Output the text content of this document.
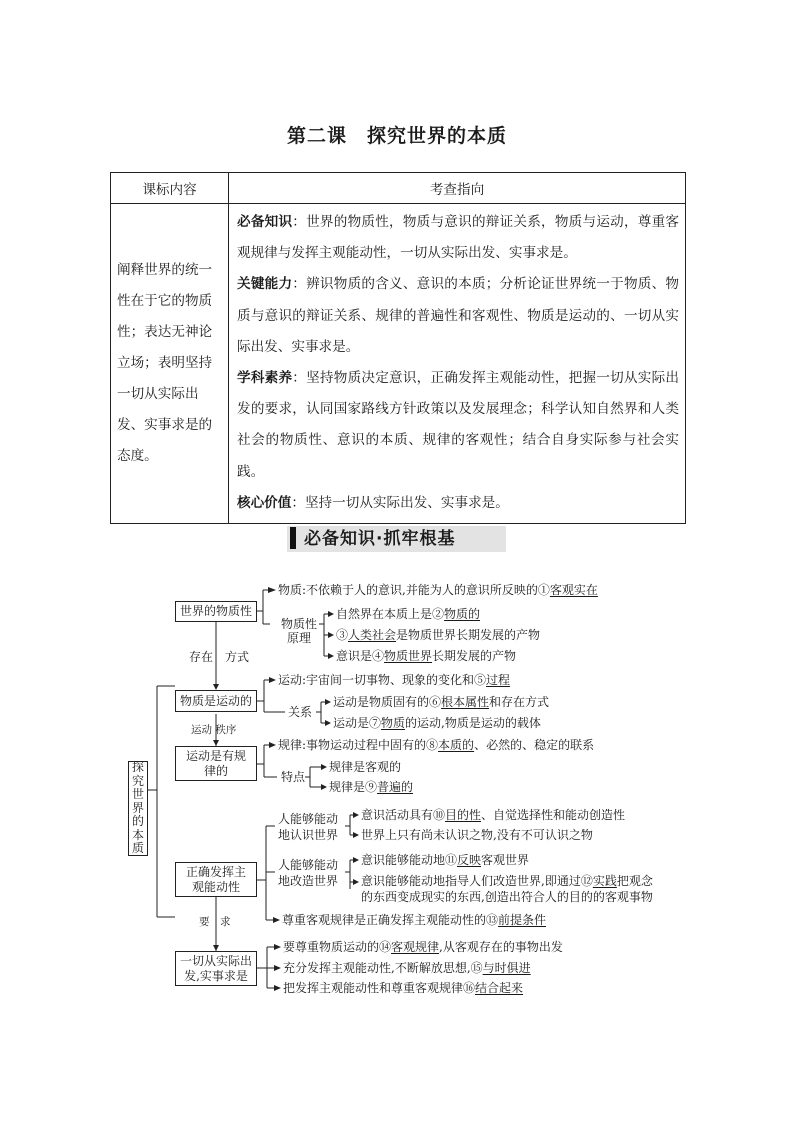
第二课　探究世界的本质
课标内容	考查指向
阐释世界的统一性在于它的物质性；表达无神论立场；表明坚持一切从实际出发、实事求是的态度。	必备知识：世界的物质性，物质与意识的辩证关系，物质与运动，尊重客观规律与发挥主观能动性，一切从实际出发、实事求是。
关键能力：辨识物质的含义、意识的本质；分析论证世界统一于物质、物质与意识的辩证关系、规律的普遍性和客观性、物质是运动的、一切从实际出发、实事求是。
学科素养：坚持物质决定意识，正确发挥主观能动性，把握一切从实际出发的要求，认同国家路线方针政策以及发展理念；科学认知自然界和人类社会的物质性、意识的本质、规律的客观性；结合自身实际参与社会实践。
核心价值：坚持一切从实际出发、实事求是。
必备知识·抓牢根基
探究世界的本质
世界的物质性
物质是运动的
运动是有规律的
正确发挥主观能动性
一切从实际出发,实事求是
存在　方式
运动 秩序
要　求
物质:不依赖于人的意识,并能为人的意识所反映的①客观实在
物质性原理
自然界在本质上是②物质的
③人类社会是物质世界长期发展的产物
意识是④物质世界长期发展的产物
运动:宇宙间一切事物、现象的变化和⑤过程
关系
运动是物质固有的⑥根本属性和存在方式
运动是⑦物质的运动,物质是运动的载体
规律:事物运动过程中固有的⑧本质的、必然的、稳定的联系
特点
规律是客观的
规律是⑨普遍的
人能够能动地认识世界
意识活动具有⑩目的性、自觉选择性和能动创造性
世界上只有尚未认识之物,没有不可认识之物
人能够能动地改造世界
意识能够能动地⑪反映客观世界
意识能够能动地指导人们改造世界,即通过⑫实践把观念
的东西变成现实的东西,创造出符合人的目的的客观事物
尊重客观规律是正确发挥主观能动性的⑬前提条件
要尊重物质运动的⑭客观规律,从客观存在的事物出发
充分发挥主观能动性,不断解放思想,⑮与时俱进
把发挥主观能动性和尊重客观规律⑯结合起来
